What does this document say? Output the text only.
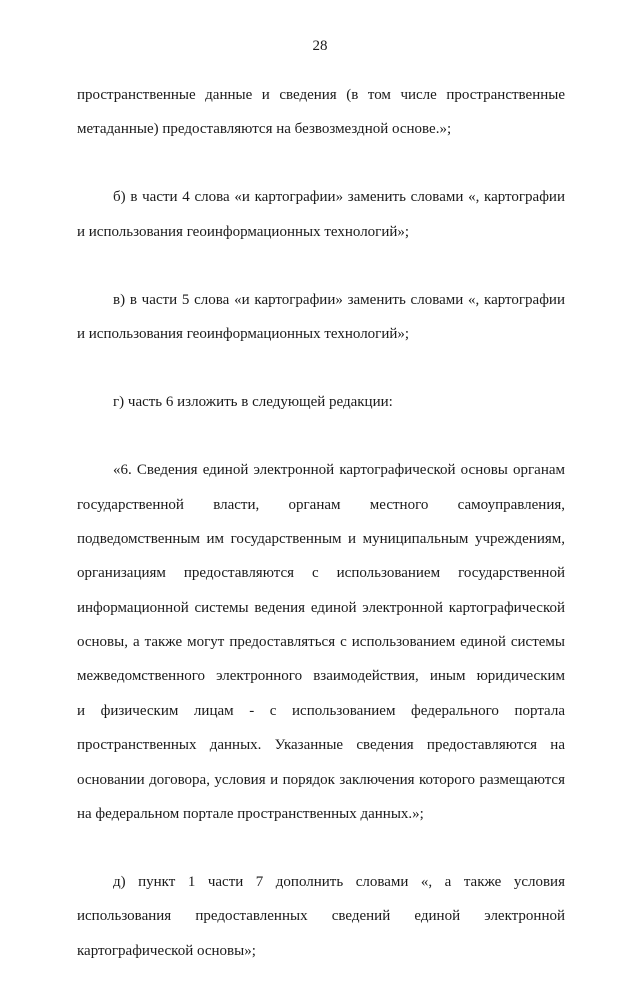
28
пространственные данные и сведения (в том числе пространственные
метаданные) предоставляются на безвозмездной основе.»;
б) в части 4 слова «и картографии» заменить словами «, картографии
и использования геоинформационных технологий»;
в) в части 5 слова «и картографии» заменить словами «, картографии
и использования геоинформационных технологий»;
г) часть 6 изложить в следующей редакции:
«6. Сведения единой электронной картографической основы органам
государственной власти, органам местного самоуправления,
подведомственным им государственным и муниципальным учреждениям,
организациям предоставляются с использованием государственной
информационной системы ведения единой электронной картографической
основы, а также могут предоставляться с использованием единой системы
межведомственного электронного взаимодействия, иным юридическим
и физическим лицам - с использованием федерального портала
пространственных данных. Указанные сведения предоставляются на
основании договора, условия и порядок заключения которого размещаются
на федеральном портале пространственных данных.»;
д) пункт 1 части 7 дополнить словами «, а также условия
использования предоставленных сведений единой электронной
картографической основы»;
